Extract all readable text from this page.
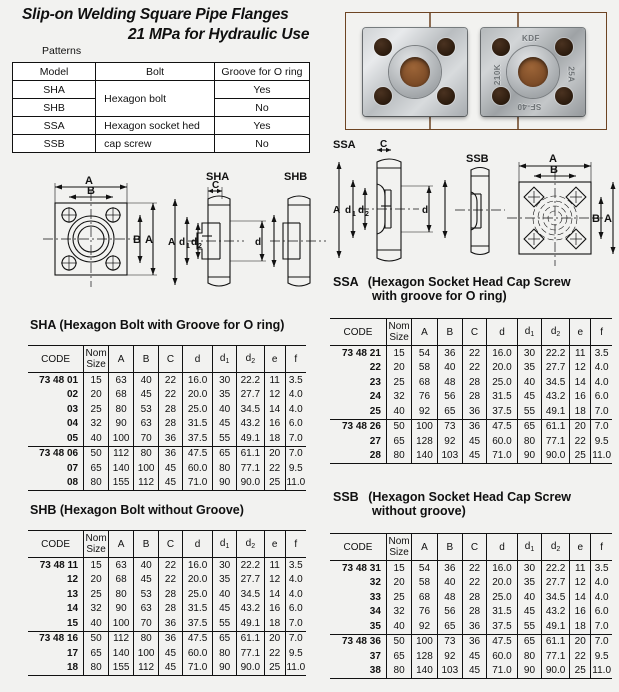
Slip-on Welding Square Pipe Flanges
21 MPa for Hydraulic Use
Patterns
Model	Bolt	Groove for O ring
SHA	Hexagon bolt	Yes
SHB		No
SSA	Hexagon socket hed	Yes
SSB	cap screw	No
KDF
210K	25A
SF-40
A
B
B A
SHA	SHB
C
A d 1 d 2	d
SSA
SSB
C
A d 1 d 2	d
A
B
B A
SHA (Hexagon Bolt with Groove for O ring)
SHB (Hexagon Bolt without Groove)
SSA (Hexagon Socket Head Cap Screw
with groove for O ring)
SSB (Hexagon Socket Head Cap Screw
without groove)
CODE	Nom
Size	A	B	C	d	$d_1$	$d_2$	e	f
73 48 01	15	63	40	22	16.0	30	22.2	11	3.5
02	20	68	45	22	20.0	35	27.7	12	4.0
03	25	80	53	28	25.0	40	34.5	14	4.0
04	32	90	63	28	31.5	45	43.2	16	6.0
05	40	100	70	36	37.5	55	49.1	18	7.0
73 48 06	50	112	80	36	47.5	65	61.1	20	7.0
07	65	140	100	45	60.0	80	77.1	22	9.5
08	80	155	112	45	71.0	90	90.0	25	11.0
CODE	Nom
Size	A	B	C	d	$d_1$	$d_2$	e	f
73 48 11	15	63	40	22	16.0	30	22.2	11	3.5
12	20	68	45	22	20.0	35	27.7	12	4.0
13	25	80	53	28	25.0	40	34.5	14	4.0
14	32	90	63	28	31.5	45	43.2	16	6.0
15	40	100	70	36	37.5	55	49.1	18	7.0
73 48 16	50	112	80	36	47.5	65	61.1	20	7.0
17	65	140	100	45	60.0	80	77.1	22	9.5
18	80	155	112	45	71.0	90	90.0	25	11.0
CODE	Nom
Size	A	B	C	d	$d_1$	$d_2$	e	f
73 48 21	15	54	36	22	16.0	30	22.2	11	3.5
22	20	58	40	22	20.0	35	27.7	12	4.0
23	25	68	48	28	25.0	40	34.5	14	4.0
24	32	76	56	28	31.5	45	43.2	16	6.0
25	40	92	65	36	37.5	55	49.1	18	7.0
73 48 26	50	100	73	36	47.5	65	61.1	20	7.0
27	65	128	92	45	60.0	80	77.1	22	9.5
28	80	140	103	45	71.0	90	90.0	25	11.0
CODE	Nom
Size	A	B	C	d	$d_1$	$d_2$	e	f
73 48 31	15	54	36	22	16.0	30	22.2	11	3.5
32	20	58	40	22	20.0	35	27.7	12	4.0
33	25	68	48	28	25.0	40	34.5	14	4.0
34	32	76	56	28	31.5	45	43.2	16	6.0
35	40	92	65	36	37.5	55	49.1	18	7.0
73 48 36	50	100	73	36	47.5	65	61.1	20	7.0
37	65	128	92	45	60.0	80	77.1	22	9.5
38	80	140	103	45	71.0	90	90.0	25	11.0
